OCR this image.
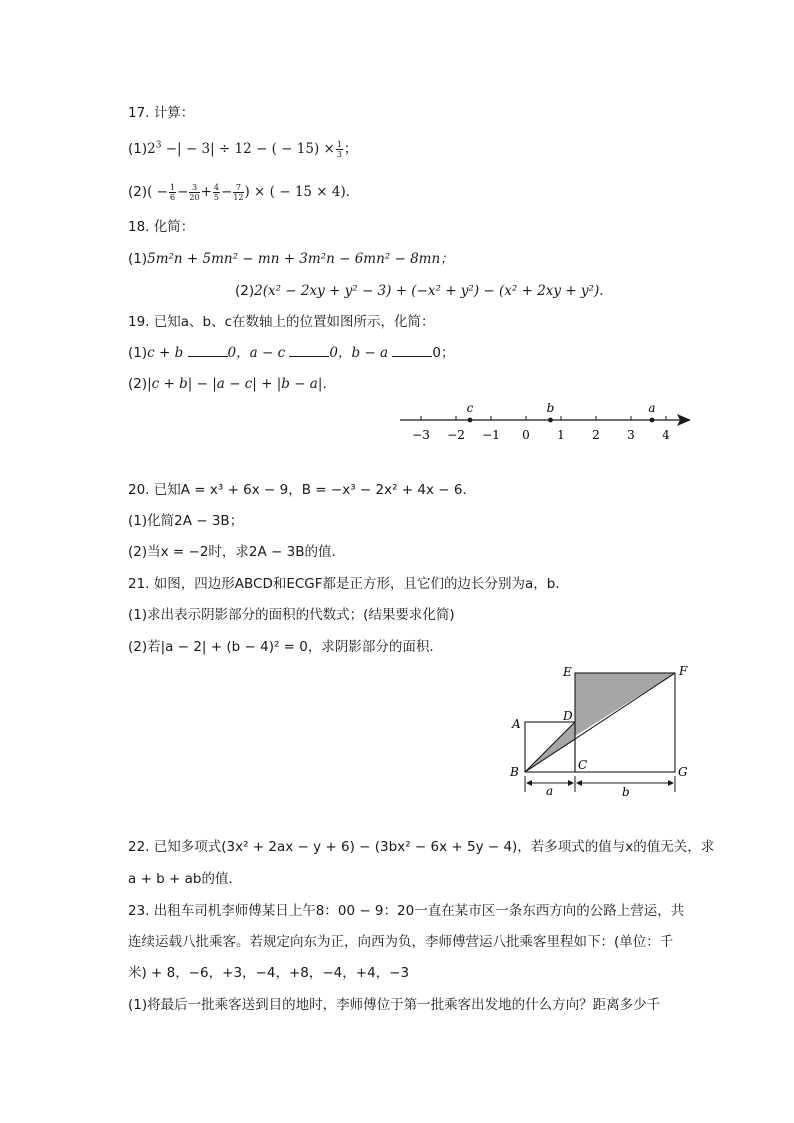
17. 计算：
$(1)2^3$ −| − 3| ÷ 12 − ( − $15) \times \frac{1}{3}$ ；
$(2)( - \frac{1}{6} - \frac{3}{20} + \frac{4}{5} - \frac{7}{12}$ ) × ( − 15 × 4)．
18. 化简：
(1)5m²n + 5mn² − mn + 3m²n − 6mn² − 8mn；
(2)2(x² − 2xy + y² − 3) + (−x² + y²) − (x² + 2xy + y²).
19. 已知a、b、c在数轴上的位置如图所示，化简：
(1)c + b	0，a − c	0，b − a	0；
(2)|c + b| − |a − c| + |b − a|．
−3 −2 −1 0 1 2 3 4
c	b	a
20. 已知A = x³ + 6x − 9，B = −x³ − 2x² + 4x − 6．
(1)化简2A − 3B；
(2)当x = −2时，求2A − 3B的值．
21. 如图，四边形ABCD和ECGF都是正方形，且它们的边长分别为a，b．
(1)求出表示阴影部分的面积的代数式；(结果要求化简)
(2)若|a − 2| + (b − 4)² = 0，求阴影部分的面积．
E	F
A
D
B	C	G
a	b
22. 已知多项式(3x² + 2ax − y + 6) − (3bx² − 6x + 5y − 4)，若多项式的值与x的值无关，求
a + b + ab的值．
23. 出租车司机李师傅某日上午8：00 − 9：20一直在某市区一条东西方向的公路上营运，共
连续运载八批乘客。若规定向东为正，向西为负，李师傅营运八批乘客里程如下：(单位：千
米) + 8，−6，+3，−4，+8，−4，+4，−3
(1)将最后一批乘客送到目的地时，李师傅位于第一批乘客出发地的什么方向？距离多少千
